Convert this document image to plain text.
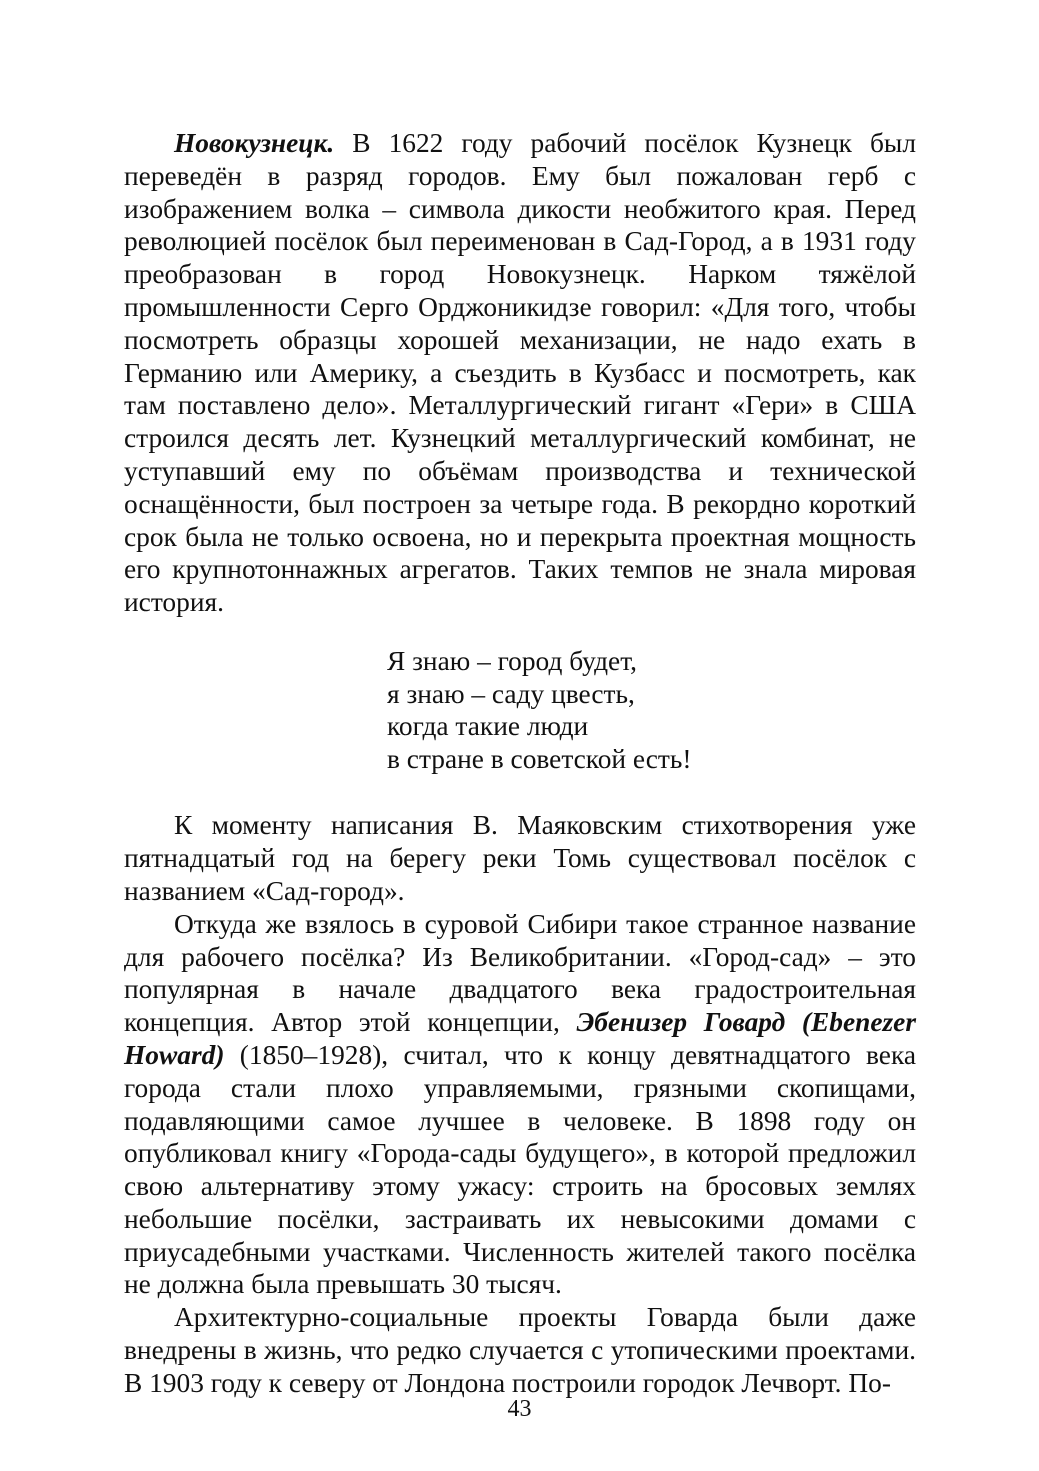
Новокузнецк. В 1622 году рабочий посёлок Кузнецк был переведён в разряд городов. Ему был пожалован герб с изображением волка – символа дикости необжитого края. Перед революцией посёлок был переименован в Сад-Город, а в 1931 году преобразован в город Новокузнецк. Нарком тяжёлой промышленности Серго Орджоникидзе говорил: «Для того, чтобы посмотреть образцы хорошей механизации, не надо ехать в Германию или Америку, а съездить в Кузбасс и посмотреть, как там поставлено дело». Металлургический гигант «Гери» в США строился десять лет. Кузнецкий металлургический комбинат, не уступавший ему по объёмам производства и технической оснащённости, был построен за четыре года. В рекордно короткий срок была не только освоена, но и перекрыта проектная мощность его крупнотоннажных агрегатов. Таких темпов не знала мировая история.

Я знаю – город будет,
я знаю – саду цвесть,
когда такие люди
в стране в советской есть!

К моменту написания В. Маяковским стихотворения уже пятнадцатый год на берегу реки Томь существовал посёлок с названием «Сад-город».

Откуда же взялось в суровой Сибири такое странное название для рабочего посёлка? Из Великобритании. «Город-сад» – это популярная в начале двадцатого века градостроительная концепция. Автор этой концепции, Эбенизер Говард (Ebenezer Howard) (1850–1928), считал, что к концу девятнадцатого века города стали плохо управляемыми, грязными скопищами, подавляющими самое лучшее в человеке. В 1898 году он опубликовал книгу «Города-сады будущего», в которой предложил свою альтернативу этому ужасу: строить на бросовых землях небольшие посёлки, застраивать их невысокими домами с приусадебными участками. Численность жителей такого посёлка не должна была превышать 30 тысяч.

Архитектурно-социальные проекты Говарда были даже внедрены в жизнь, что редко случается с утопическими проектами. В 1903 году к северу от Лондона построили городок Лечворт. По-

43
